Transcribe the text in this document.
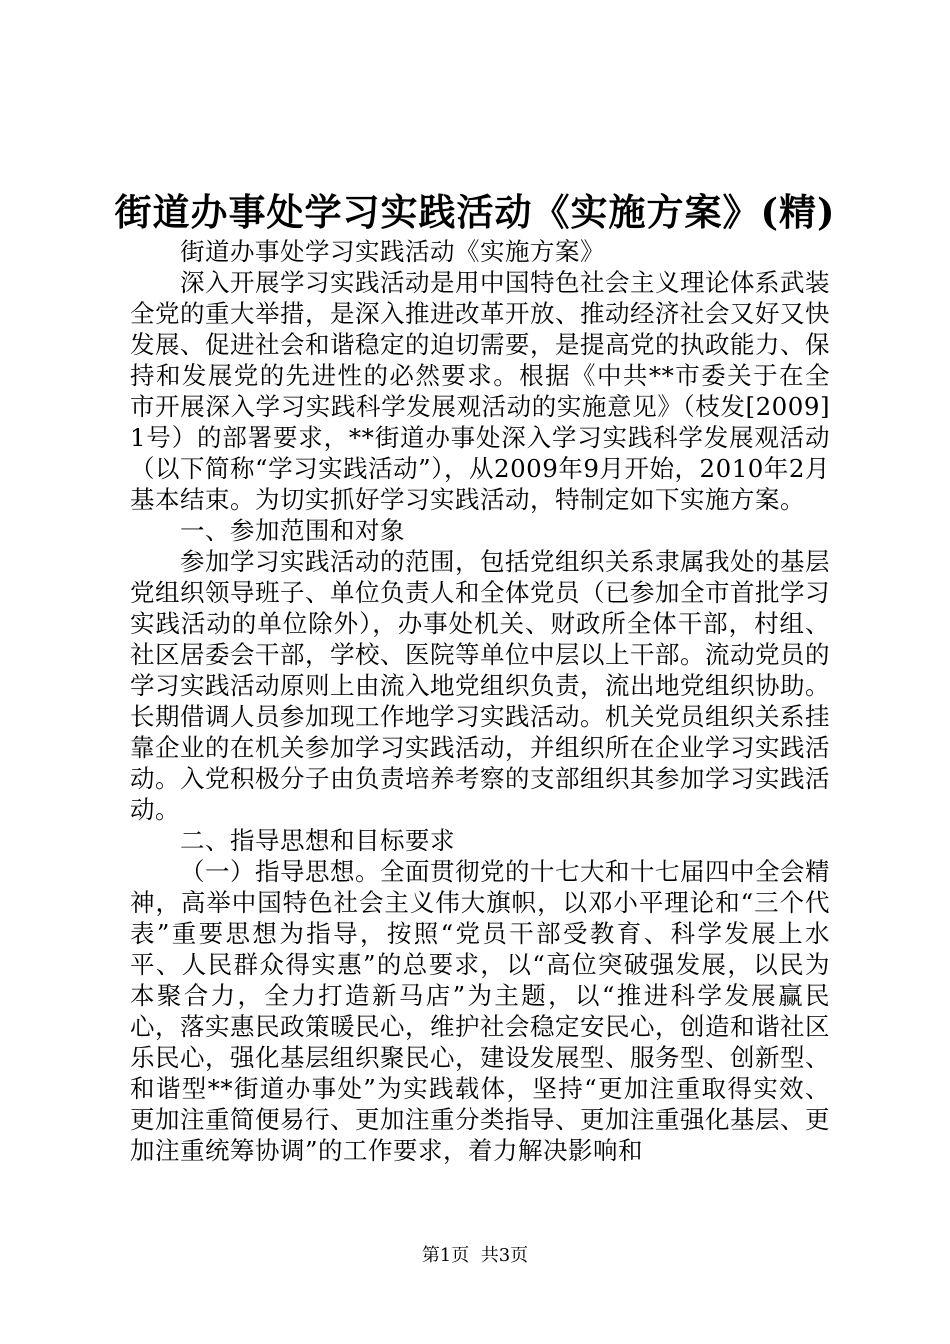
街道办事处学习实践活动《实施方案》(精)

街道办事处学习实践活动《实施方案》

深入开展学习实践活动是用中国特色社会主义理论体系武装全党的重大举措，是深入推进改革开放、推动经济社会又好又快发展、促进社会和谐稳定的迫切需要，是提高党的执政能力、保持和发展党的先进性的必然要求。根据《中共**市委关于在全市开展深入学习实践科学发展观活动的实施意见》（枝发[2009]1号）的部署要求，**街道办事处深入学习实践科学发展观活动（以下简称“学习实践活动”），从2009年9月开始，2010年2月基本结束。为切实抓好学习实践活动，特制定如下实施方案。

一、参加范围和对象

参加学习实践活动的范围，包括党组织关系隶属我处的基层党组织领导班子、单位负责人和全体党员（已参加全市首批学习实践活动的单位除外），办事处机关、财政所全体干部，村组、社区居委会干部，学校、医院等单位中层以上干部。流动党员的学习实践活动原则上由流入地党组织负责，流出地党组织协助。长期借调人员参加现工作地学习实践活动。机关党员组织关系挂靠企业的在机关参加学习实践活动，并组织所在企业学习实践活动。入党积极分子由负责培养考察的支部组织其参加学习实践活动。

二、指导思想和目标要求

（一）指导思想。全面贯彻党的十七大和十七届四中全会精神，高举中国特色社会主义伟大旗帜，以邓小平理论和“三个代表”重要思想为指导，按照“党员干部受教育、科学发展上水平、人民群众得实惠”的总要求，以“高位突破强发展，以民为本聚合力，全力打造新马店”为主题，以“推进科学发展赢民心，落实惠民政策暖民心，维护社会稳定安民心，创造和谐社区乐民心，强化基层组织聚民心，建设发展型、服务型、创新型、和谐型**街道办事处”为实践载体，坚持“更加注重取得实效、更加注重简便易行、更加注重分类指导、更加注重强化基层、更加注重统筹协调”的工作要求，着力解决影响和

第1页  共3页
